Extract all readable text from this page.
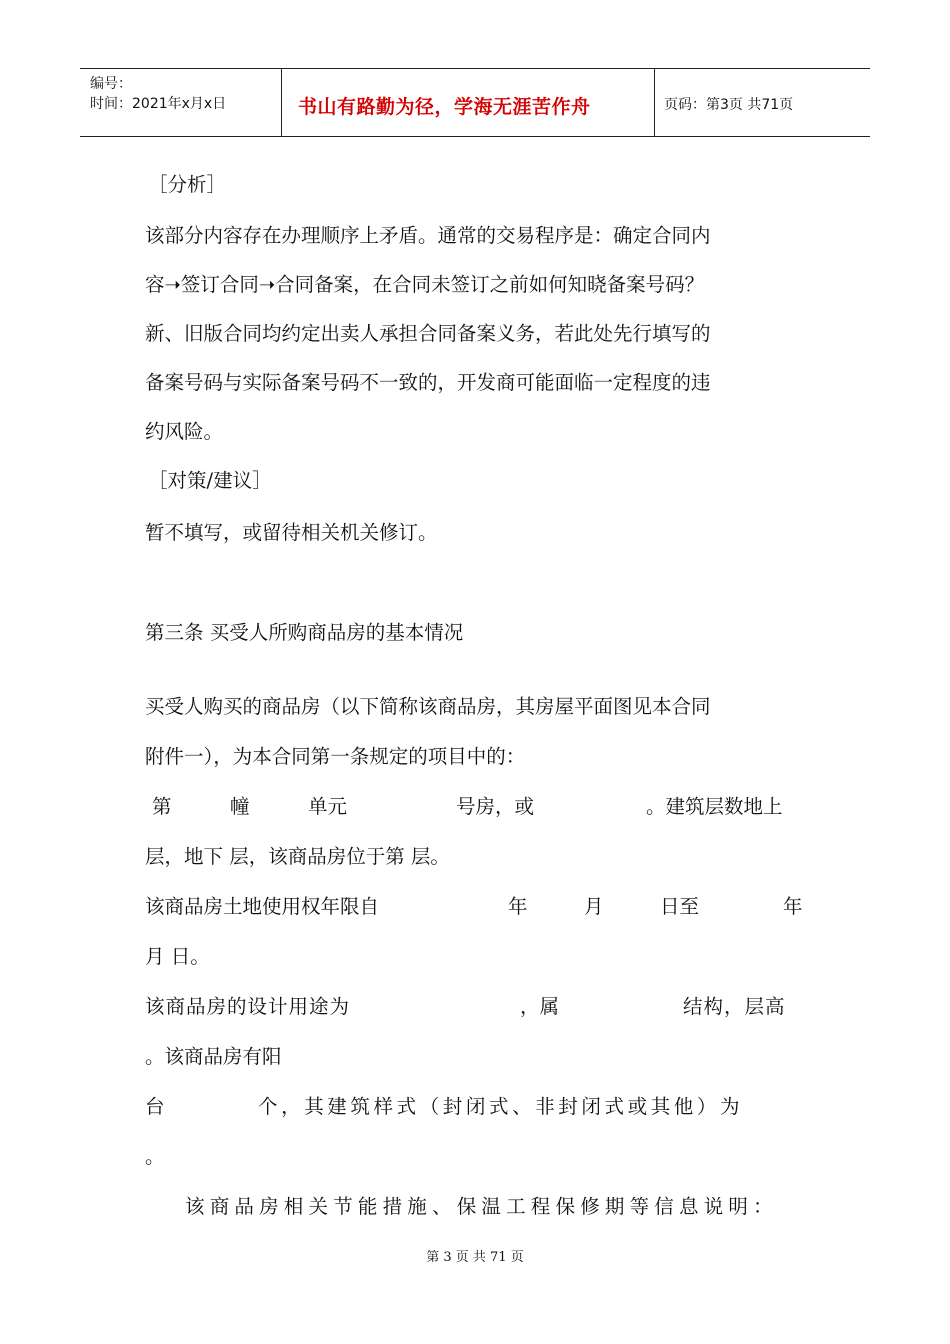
编号：
时间：2021年x月x日	书山有路勤为径，学海无涯苦作舟	页码：第3页 共71页
［分析］
该部分内容存在办理顺序上矛盾。通常的交易程序是：确定合同内
容➝签订合同➝合同备案，在合同未签订之前如何知晓备案号码？
新、旧版合同均约定出卖人承担合同备案义务，若此处先行填写的
备案号码与实际备案号码不一致的，开发商可能面临一定程度的违
约风险。
［对策/建议］
暂不填写，或留待相关机关修订。
第三条 买受人所购商品房的基本情况
买受人购买的商品房（以下简称该商品房，其房屋平面图见本合同
附件一），为本合同第一条规定的项目中的：
第	幢	单元	号房，或	。建筑层数地上
层，地下 层，该商品房位于第 层。
该商品房土地使用权年限自	年	月	日至	年
月 日。
该商品房的设计用途为	，属	结构，层高
。该商品房有阳
台	个，其建筑样式（封闭式、非封闭式或其他）为
。
该商品房相关节能措施、保温工程保修期等信息说明：
第 3 页 共 71 页
